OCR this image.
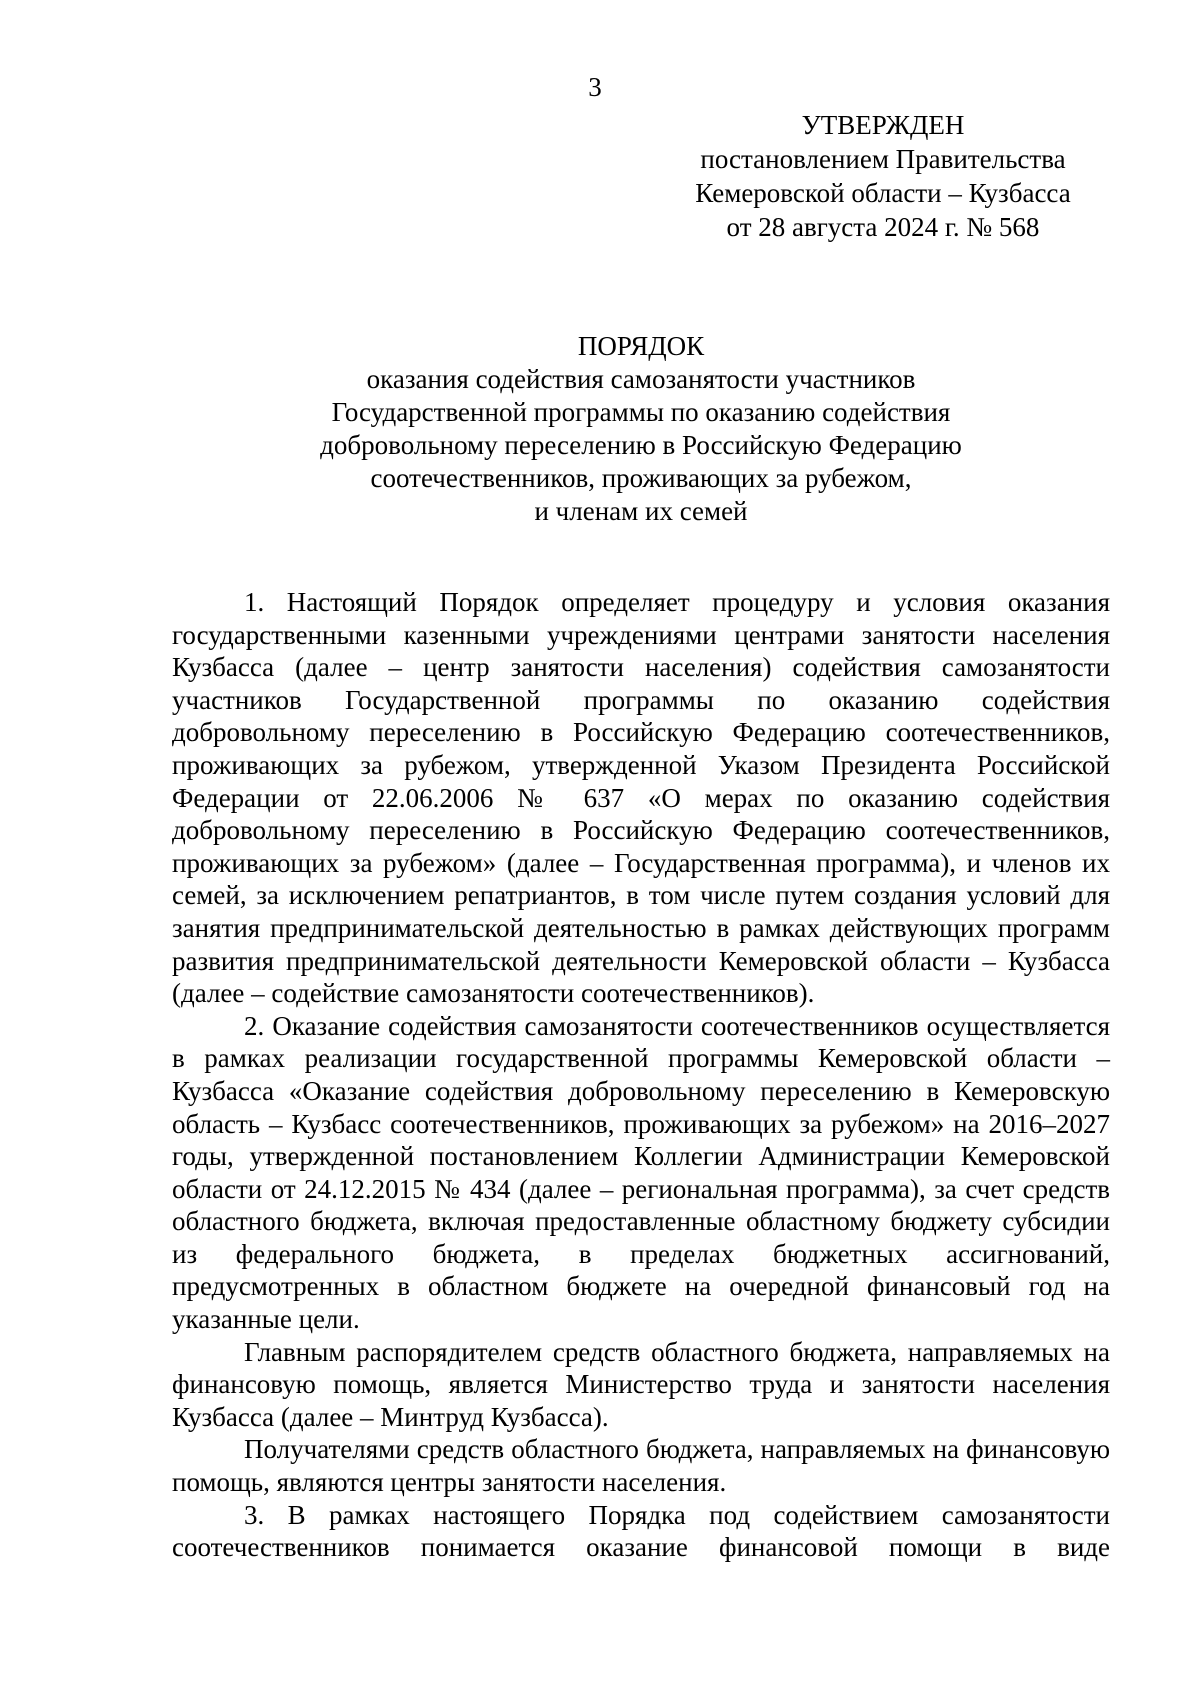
3
УТВЕРЖДЕН
постановлением Правительства
Кемеровской области – Кузбасса
от 28 августа 2024 г. № 568
ПОРЯДОК
оказания содействия самозанятости участников
Государственной программы по оказанию содействия
добровольному переселению в Российскую Федерацию
соотечественников, проживающих за рубежом,
и членам их семей

1. Настоящий Порядок определяет процедуру и условия оказания государственными казенными учреждениями центрами занятости населения Кузбасса (далее – центр занятости населения) содействия самозанятости участников Государственной программы по оказанию содействия добровольному переселению в Российскую Федерацию соотечественников, проживающих за рубежом, утвержденной Указом Президента Российской Федерации от 22.06.2006 № 637 «О мерах по оказанию содействия добровольному переселению в Российскую Федерацию соотечественников, проживающих за рубежом» (далее – Государственная программа), и членов их семей, за исключением репатриантов, в том числе путем создания условий для занятия предпринимательской деятельностью в рамках действующих программ развития предпринимательской деятельности Кемеровской области – Кузбасса (далее – содействие самозанятости соотечественников).

2. Оказание содействия самозанятости соотечественников осуществляется в рамках реализации государственной программы Кемеровской области – Кузбасса «Оказание содействия добровольному переселению в Кемеровскую область – Кузбасс соотечественников, проживающих за рубежом» на 2016–2027 годы, утвержденной постановлением Коллегии Администрации Кемеровской области от 24.12.2015 № 434 (далее – региональная программа), за счет средств областного бюджета, включая предоставленные областному бюджету субсидии из федерального бюджета, в пределах бюджетных ассигнований, предусмотренных в областном бюджете на очередной финансовый год на указанные цели.

Главным распорядителем средств областного бюджета, направляемых на финансовую помощь, является Министерство труда и занятости населения Кузбасса (далее – Минтруд Кузбасса).

Получателями средств областного бюджета, направляемых на финансовую помощь, являются центры занятости населения.

3. В рамках настоящего Порядка под содействием самозанятости соотечественников понимается оказание финансовой помощи в виде
